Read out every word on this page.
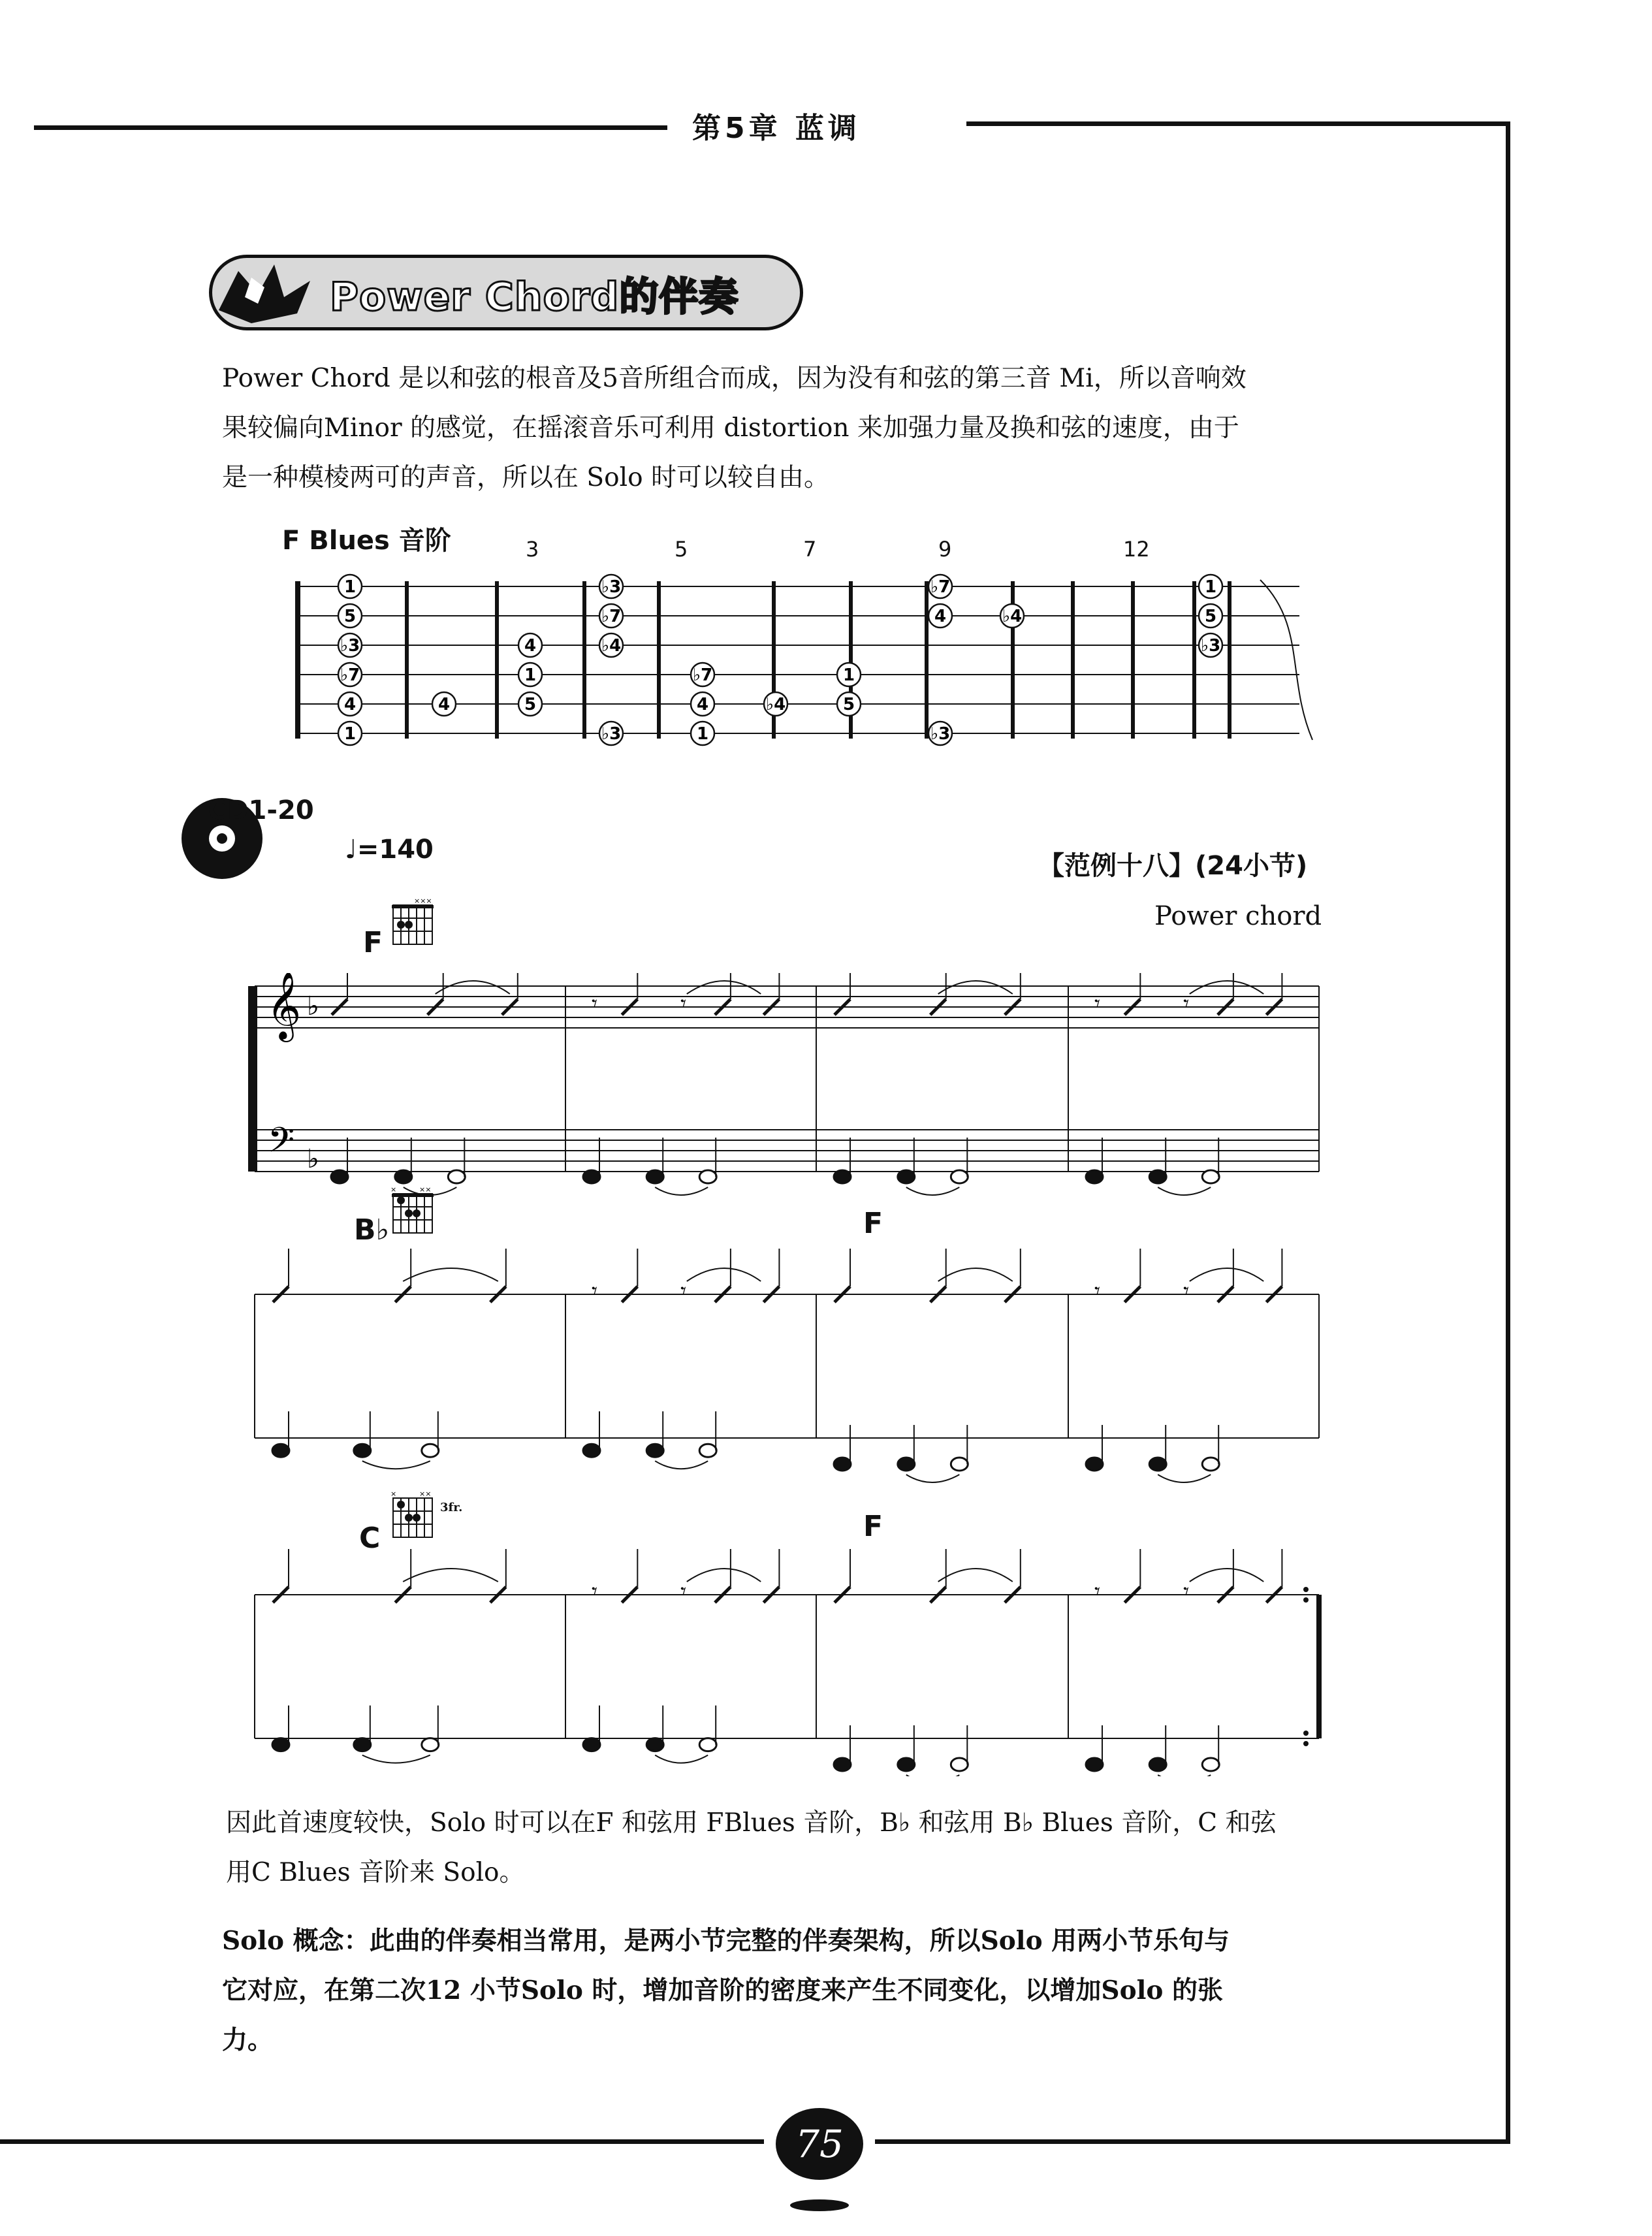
第5章 蓝调
Power Chord的伴奏
Power Chord 是以和弦的根音及5音所组合而成，因为没有和弦的第三音 Mi，所以音响效
果较偏向Minor 的感觉，在摇滚音乐可利用 distortion 来加强力量及换和弦的速度，由于
是一种模棱两可的声音，所以在 Solo 时可以较自由。
F Blues 音阶	3	5	7	9	12
1
5
♭3
♭7
4
1
4
4
1
5
♭3
♭7
♭4
♭3
♭7
4
1
♭4
1
5
♭7
4
♭3
♭4
1
5
♭3
CD1-20
♩=140
【范例十八】(24小节)
Power chord
F
B♭	F
C	F
3fr.
×××
×	××
×	××
𝄞
𝄢
♭
♭
𝄾	𝄾	𝄾	𝄾
𝄾	𝄾	𝄾	𝄾
𝄾	𝄾	𝄾	𝄾
因此首速度较快，Solo 时可以在F 和弦用 FBlues 音阶，B♭ 和弦用 B♭ Blues 音阶，C 和弦
用C Blues 音阶来 Solo。
Solo 概念：此曲的伴奏相当常用，是两小节完整的伴奏架构，所以Solo 用两小节乐句与
它对应，在第二次12 小节Solo 时，增加音阶的密度来产生不同变化，以增加Solo 的张
力。
75
